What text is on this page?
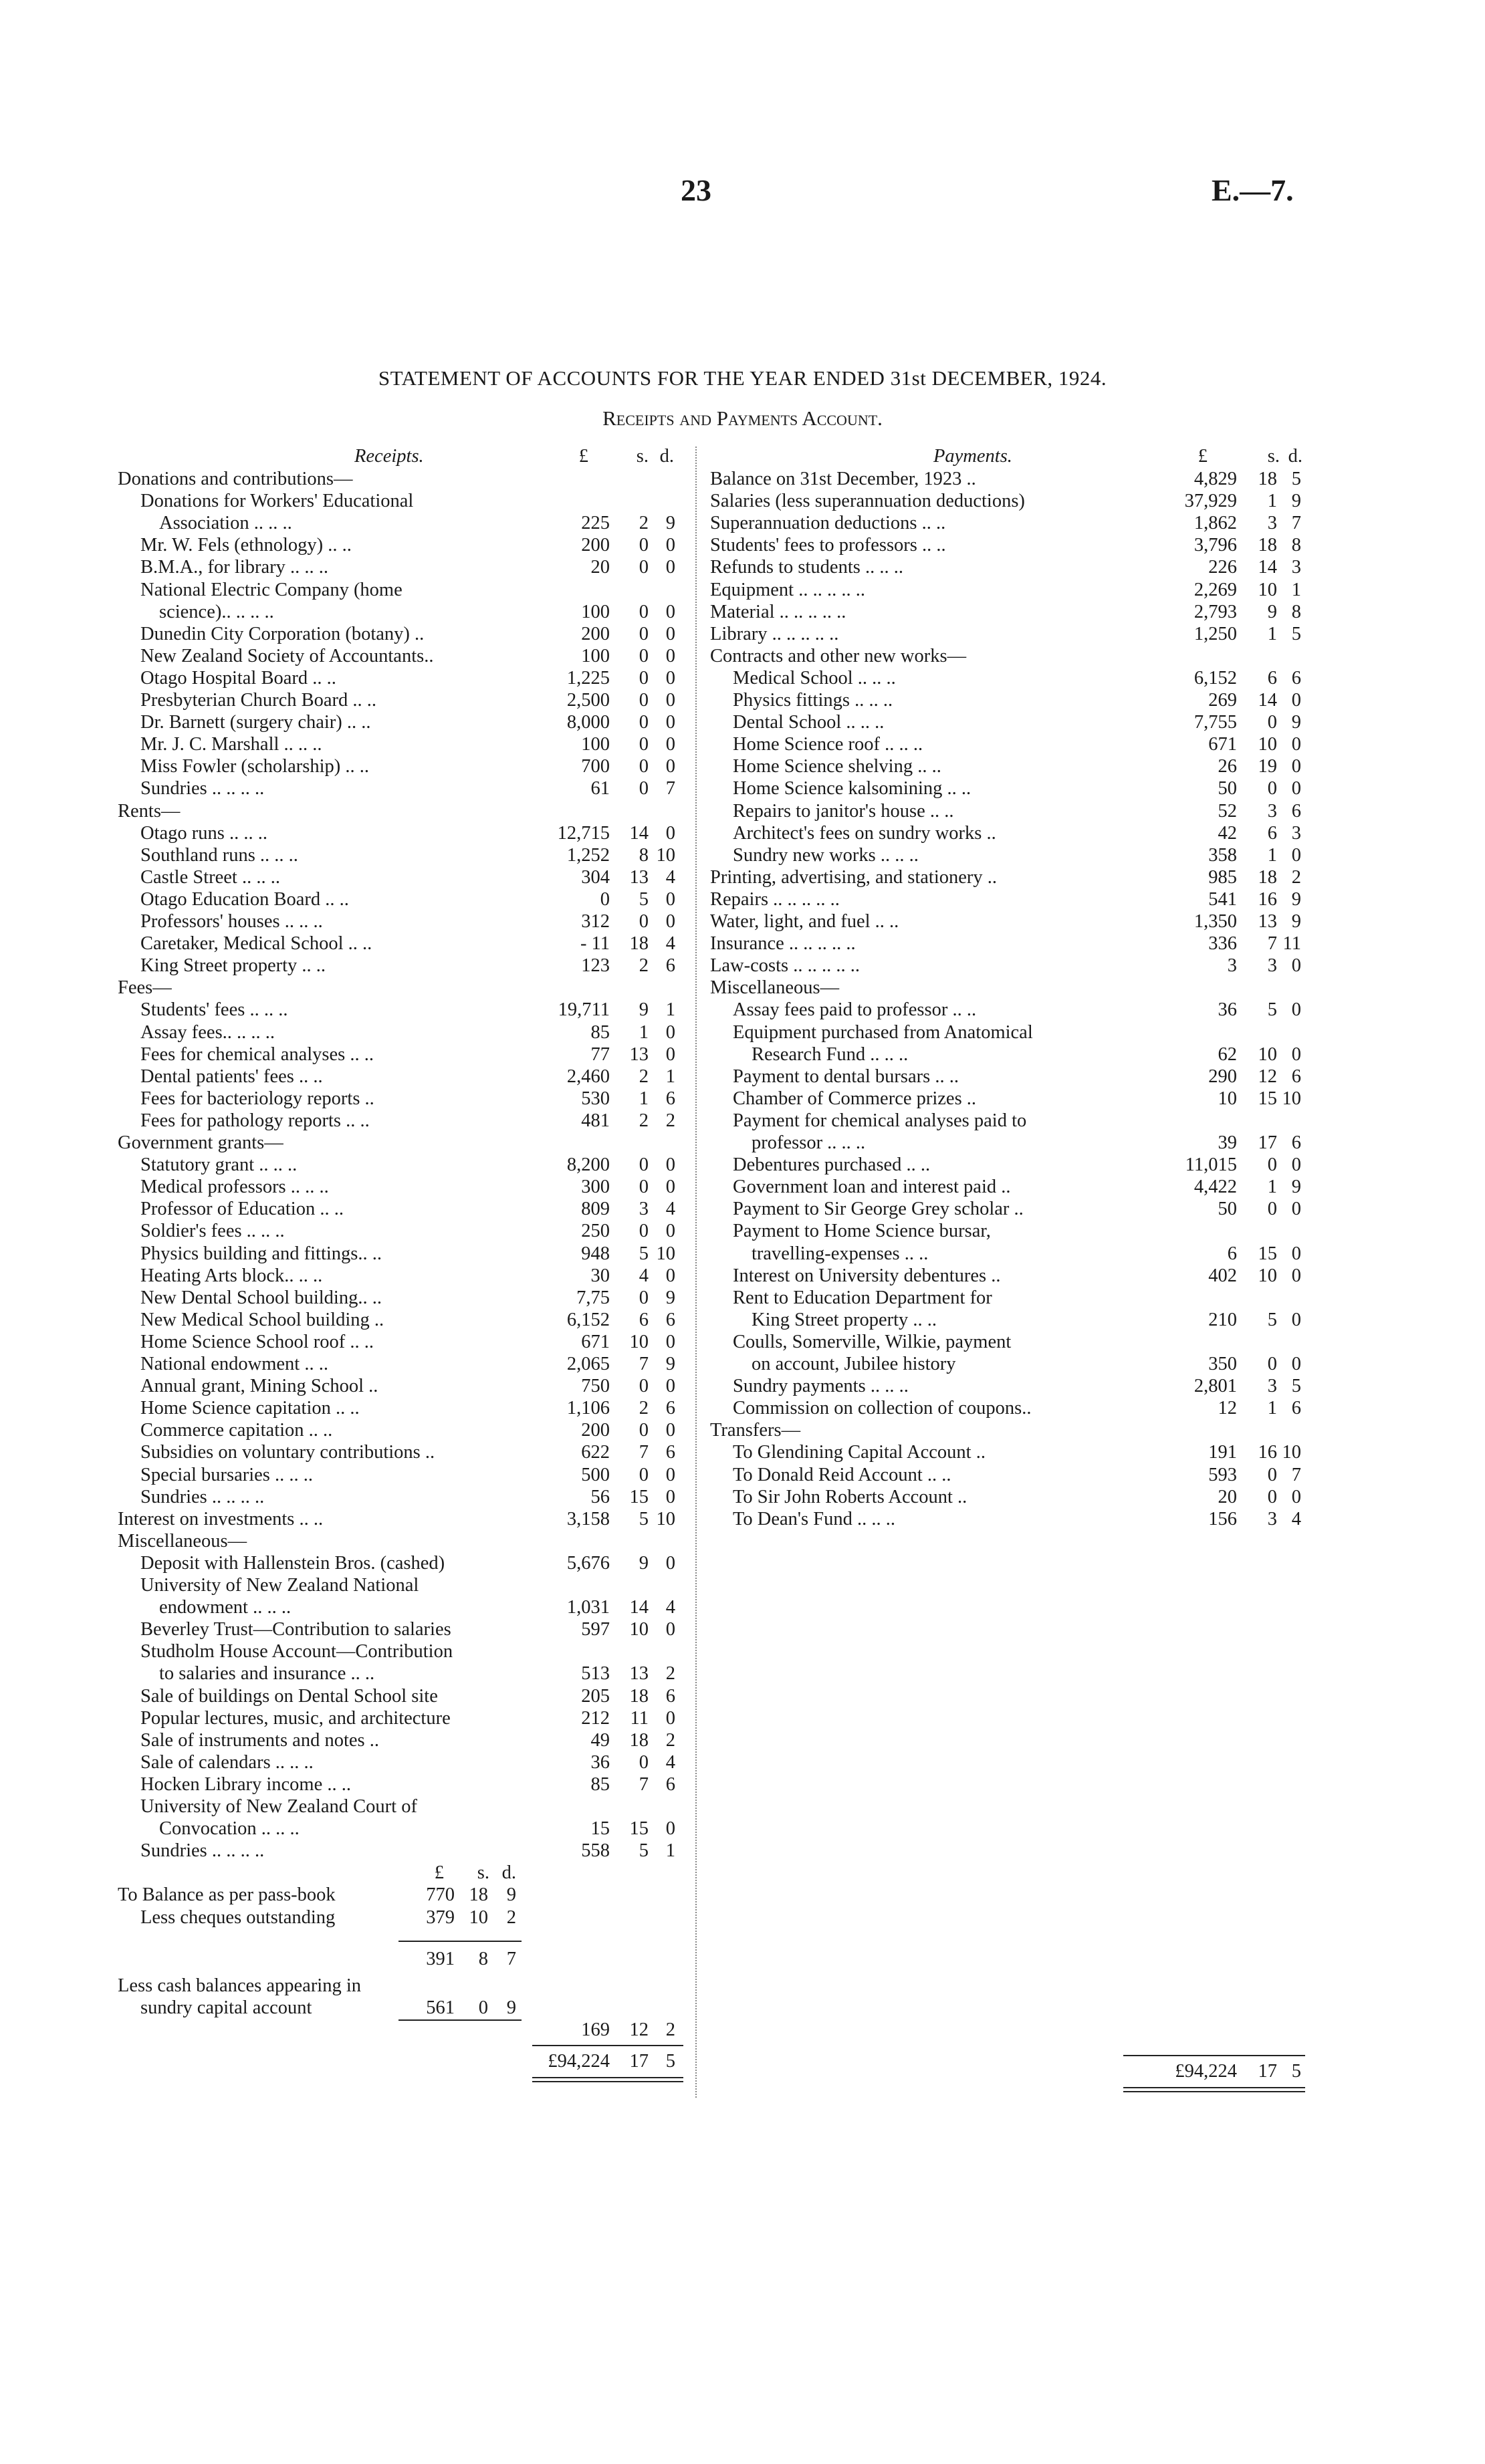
23	E.—7.
STATEMENT OF ACCOUNTS FOR THE YEAR ENDED 31st DECEMBER, 1924.
Receipts and Payments Account.
Receipts.	£	s. d.
Donations and contributions—
Donations for Workers' Educational
Association .. .. ..	225	2 9
Mr. W. Fels (ethnology) .. ..	200	0 0
B.M.A., for library .. .. ..	20	0 0
National Electric Company (home
science).. .. .. ..	100	0 0
Dunedin City Corporation (botany) ..	200	0 0
New Zealand Society of Accountants..	100	0 0
Otago Hospital Board .. ..	1,225	0 0
Presbyterian Church Board .. ..	2,500	0 0
Dr. Barnett (surgery chair) .. ..	8,000	0 0
Mr. J. C. Marshall .. .. ..	100	0 0
Miss Fowler (scholarship) .. ..	700	0 0
Sundries .. .. .. ..	61	0 7
Rents—
Otago runs .. .. ..	12,715	14 0
Southland runs .. .. ..	1,252	8 10
Castle Street .. .. ..	304	13 4
Otago Education Board .. ..	0	5 0
Professors' houses .. .. ..	312	0 0
Caretaker, Medical School .. ..	- 11	18 4
King Street property .. ..	123	2 6
Fees—
Students' fees .. .. ..	19,711	9 1
Assay fees.. .. .. ..	85	1 0
Fees for chemical analyses .. ..	77	13 0
Dental patients' fees .. ..	2,460	2 1
Fees for bacteriology reports ..	530	1 6
Fees for pathology reports .. ..	481	2 2
Government grants—
Statutory grant .. .. ..	8,200	0 0
Medical professors .. .. ..	300	0 0
Professor of Education .. ..	809	3 4
Soldier's fees .. .. ..	250	0 0
Physics building and fittings.. ..	948	5 10
Heating Arts block.. .. ..	30	4 0
New Dental School building.. ..	7,75	0 9
New Medical School building ..	6,152	6 6
Home Science School roof .. ..	671	10 0
National endowment .. ..	2,065	7 9
Annual grant, Mining School ..	750	0 0
Home Science capitation .. ..	1,106	2 6
Commerce capitation .. ..	200	0 0
Subsidies on voluntary contributions ..	622	7 6
Special bursaries .. .. ..	500	0 0
Sundries .. .. .. ..	56	15 0
Interest on investments .. ..	3,158	5 10
Miscellaneous—
Deposit with Hallenstein Bros. (cashed)	5,676	9 0
University of New Zealand National
endowment .. .. ..	1,031	14 4
Beverley Trust—Contribution to salaries	597	10 0
Studholm House Account—Contribution
to salaries and insurance .. ..	513	13 2
Sale of buildings on Dental School site	205	18 6
Popular lectures, music, and architecture	212	11 0
Sale of instruments and notes ..	49	18 2
Sale of calendars .. .. ..	36	0 4
Hocken Library income .. ..	85	7 6
University of New Zealand Court of
Convocation .. .. ..	15	15 0
Sundries .. .. .. ..	558	5 1
£	s. d.
To Balance as per pass-book	770 18 9
Less cheques outstanding	379 10 2
391	8 7
Less cash balances appearing in
sundry capital account	561	0 9
169	12 2
£94,224	17 5
Payments.	£	s. d.
Balance on 31st December, 1923 ..	4,829	18 5
Salaries (less superannuation deductions)	37,929	1 9
Superannuation deductions .. ..	1,862	3 7
Students' fees to professors .. ..	3,796	18 8
Refunds to students .. .. ..	226	14 3
Equipment .. .. .. .. ..	2,269	10 1
Material .. .. .. .. ..	2,793	9 8
Library .. .. .. .. ..	1,250	1 5
Contracts and other new works—
Medical School .. .. ..	6,152	6 6
Physics fittings .. .. ..	269	14 0
Dental School .. .. ..	7,755	0 9
Home Science roof .. .. ..	671	10 0
Home Science shelving .. ..	26	19 0
Home Science kalsomining .. ..	50	0 0
Repairs to janitor's house .. ..	52	3 6
Architect's fees on sundry works ..	42	6 3
Sundry new works .. .. ..	358	1 0
Printing, advertising, and stationery ..	985	18 2
Repairs .. .. .. .. ..	541	16 9
Water, light, and fuel .. ..	1,350	13 9
Insurance .. .. .. .. ..	336	7 11
Law-costs .. .. .. .. ..	3	3 0
Miscellaneous—
Assay fees paid to professor .. ..	36	5 0
Equipment purchased from Anatomical
Research Fund .. .. ..	62	10 0
Payment to dental bursars .. ..	290	12 6
Chamber of Commerce prizes ..	10	15 10
Payment for chemical analyses paid to
professor .. .. ..	39	17 6
Debentures purchased .. ..	11,015	0 0
Government loan and interest paid ..	4,422	1 9
Payment to Sir George Grey scholar ..	50	0 0
Payment to Home Science bursar,
travelling-expenses .. ..	6	15 0
Interest on University debentures ..	402	10 0
Rent to Education Department for
King Street property .. ..	210	5 0
Coulls, Somerville, Wilkie, payment
on account, Jubilee history	350	0 0
Sundry payments .. .. ..	2,801	3 5
Commission on collection of coupons..	12	1 6
Transfers—
To Glendining Capital Account ..	191	16 10
To Donald Reid Account .. ..	593	0 7
To Sir John Roberts Account ..	20	0 0
To Dean's Fund .. .. ..	156	3 4
£94,224	17 5
